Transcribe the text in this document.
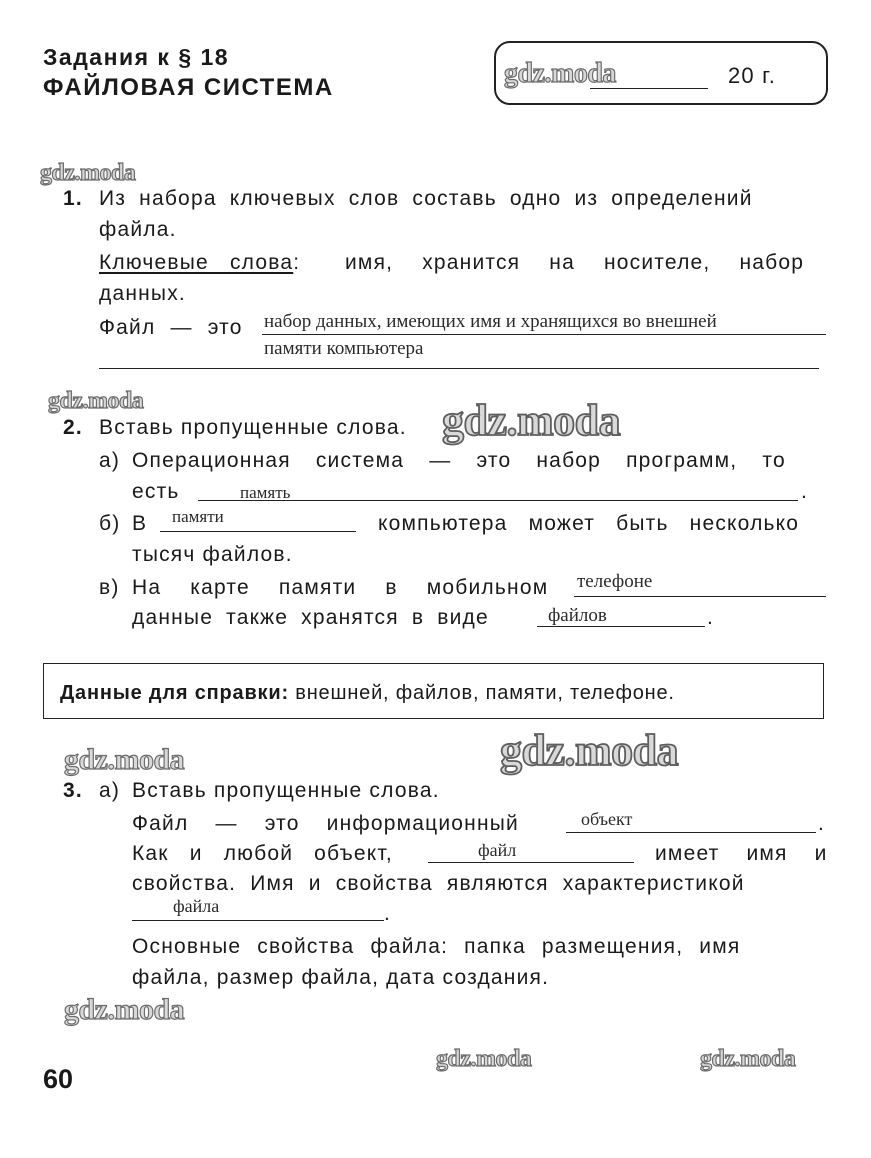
Задания к § 18
ФАЙЛОВАЯ СИСТЕМА	gdz.moda	20 г.
gdz.moda
1. Из набора ключевых слов составь одно из определений
файла.
Ключевые слова: имя, хранится на носителе, набор
данных.
Файл — это набор данных, имеющих имя и хранящихся во внешней
памяти компьютера
gdz.moda	gdz.moda
2. Вставь пропущенные слова.
а) Операционная система — это набор программ, то
есть	память	.
б) В памяти	компьютера может быть несколько
тысяч файлов.
в) На карте памяти в мобильном телефоне
данные также хранятся в виде	файлов	.
Данные для справки: внешней, файлов, памяти, телефоне.
gdz.moda	gdz.moda
3. а) Вставь пропущенные слова.
Файл — это информационный	объект	.
Как и любой объект,	файл	имеет имя и
свойства. Имя и свойства являются характеристикой
файла	.
Основные свойства файла: папка размещения, имя
файла, размер файла, дата создания.
gdz.moda
gdz.moda	gdz.moda
60
